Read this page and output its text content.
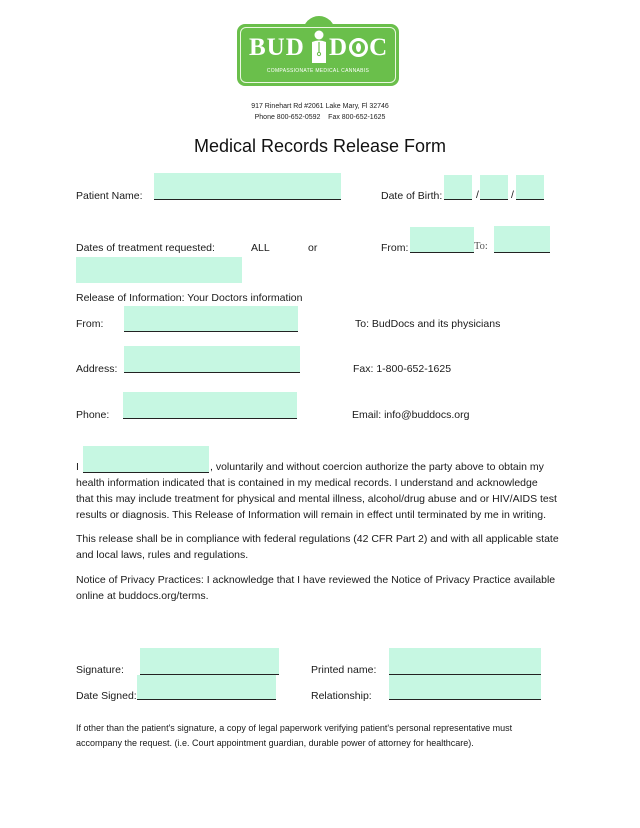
BUD D C
COMPASSIONATE MEDICAL CANNABIS
917 Rinehart Rd #2061 Lake Mary, Fl 32746
Phone 800-652-0592 Fax 800-652-1625
Medical Records Release Form
Patient Name:	Date of Birth:	/	/
Dates of treatment requested:	ALL	or	From:	To:
Release of Information: Your Doctors information
From:	To: BudDocs and its physicians
Address:	Fax: 1-800-652-1625
Phone:	Email: info@buddocs.org
I	, voluntarily and without coercion authorize the party above to obtain my
health information indicated that is contained in my medical records. I understand and acknowledge
that this may include treatment for physical and mental illness, alcohol/drug abuse and or HIV/AIDS test
results or diagnosis. This Release of Information will remain in effect until terminated by me in writing.
This release shall be in compliance with federal regulations (42 CFR Part 2) and with all applicable state
and local laws, rules and regulations.
Notice of Privacy Practices: I acknowledge that I have reviewed the Notice of Privacy Practice available
online at buddocs.org/terms.
Signature:	Printed name:
Date Signed:	Relationship:
If other than the patient's signature, a copy of legal paperwork verifying patient's personal representative must
accompany the request. (i.e. Court appointment guardian, durable power of attorney for healthcare).
